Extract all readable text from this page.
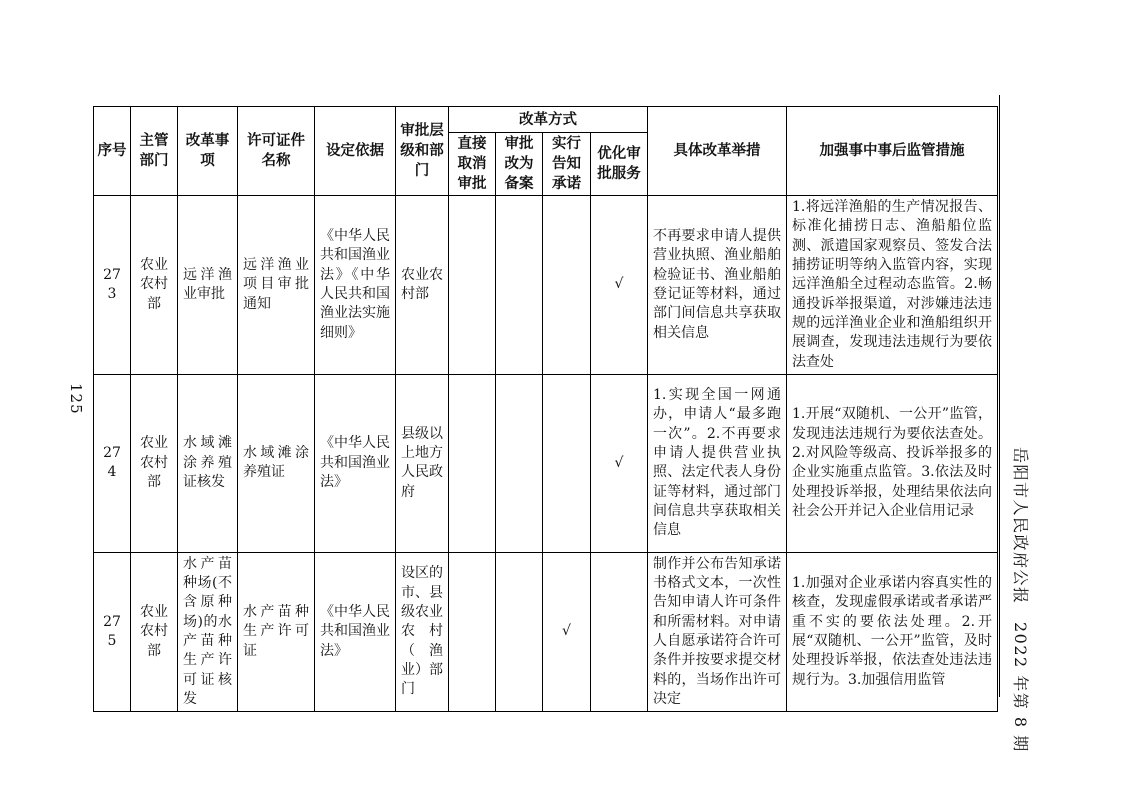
125
岳阳市人民政府公报　2022 年第 8 期
序号	主管部门	改革事项	许可证件名称	设定依据	审批层级和部门	改革方式				具体改革举措	加强事中事后监管措施
						直接取消审批	审批改为备案	实行告知承诺	优化审批服务		
273	农业农村部	远洋渔业审批	远洋渔业项目审批通知	《中华人民共和国渔业法》《中华人民共和国渔业法实施细则》	农业农村部				√	不再要求申请人提供营业执照、渔业船舶检验证书、渔业船舶登记证等材料，通过部门间信息共享获取相关信息	1.将远洋渔船的生产情况报告、标准化捕捞日志、渔船船位监测、派遣国家观察员、签发合法捕捞证明等纳入监管内容，实现远洋渔船全过程动态监管。2.畅通投诉举报渠道，对涉嫌违法违规的远洋渔业企业和渔船组织开展调查，发现违法违规行为要依法查处
274	农业农村部	水域滩涂养殖证核发	水域滩涂养殖证	《中华人民共和国渔业法》	县级以上地方人民政府				√	1.实现全国一网通办，申请人“最多跑一次”。2.不再要求申请人提供营业执照、法定代表人身份证等材料，通过部门间信息共享获取相关信息	1.开展“双随机、一公开”监管，发现违法违规行为要依法查处。2.对风险等级高、投诉举报多的企业实施重点监管。3.依法及时处理投诉举报，处理结果依法向社会公开并记入企业信用记录
275	农业农村部	水产苗种场(不含原种场)的水产苗种生产许可证核发	水产苗种生产许可证	《中华人民共和国渔业法》	设区的市、县级农业农村（渔业）部门			√		制作并公布告知承诺书格式文本，一次性告知申请人许可条件和所需材料。对申请人自愿承诺符合许可条件并按要求提交材料的，当场作出许可决定	1.加强对企业承诺内容真实性的核查，发现虚假承诺或者承诺严重不实的要依法处理。2.开展“双随机、一公开”监管，及时处理投诉举报，依法查处违法违规行为。3.加强信用监管
